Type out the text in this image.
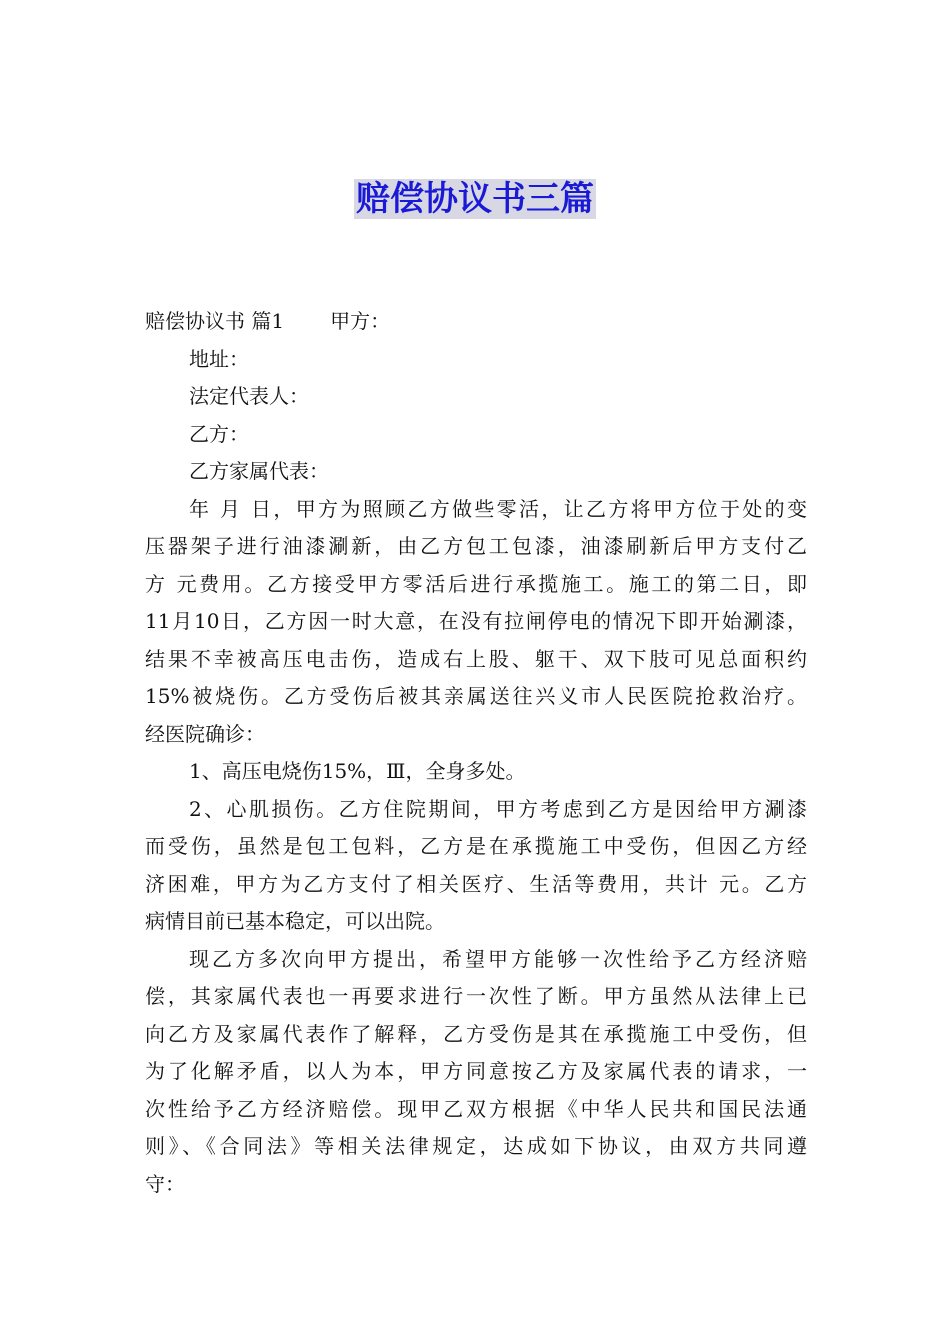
赔偿协议书三篇
赔偿协议书 篇1 甲方：
地址：
法定代表人：
乙方：
乙方家属代表：
年 月 日，甲方为照顾乙方做些零活，让乙方将甲方位于处的变
压器架子进行油漆涮新，由乙方包工包漆，油漆刷新后甲方支付乙
方 元费用。乙方接受甲方零活后进行承揽施工。施工的第二日，即
11月10日，乙方因一时大意，在没有拉闸停电的情况下即开始涮漆，
结果不幸被高压电击伤，造成右上股、躯干、双下肢可见总面积约
15%被烧伤。乙方受伤后被其亲属送往兴义市人民医院抢救治疗。
经医院确诊：
1、高压电烧伤15%，Ⅲ，全身多处。
2、心肌损伤。乙方住院期间，甲方考虑到乙方是因给甲方涮漆
而受伤，虽然是包工包料，乙方是在承揽施工中受伤，但因乙方经
济困难，甲方为乙方支付了相关医疗、生活等费用，共计 元。乙方
病情目前已基本稳定，可以出院。
现乙方多次向甲方提出，希望甲方能够一次性给予乙方经济赔
偿，其家属代表也一再要求进行一次性了断。甲方虽然从法律上已
向乙方及家属代表作了解释，乙方受伤是其在承揽施工中受伤，但
为了化解矛盾，以人为本，甲方同意按乙方及家属代表的请求，一
次性给予乙方经济赔偿。现甲乙双方根据《中华人民共和国民法通
则》、《合同法》等相关法律规定，达成如下协议，由双方共同遵
守：
